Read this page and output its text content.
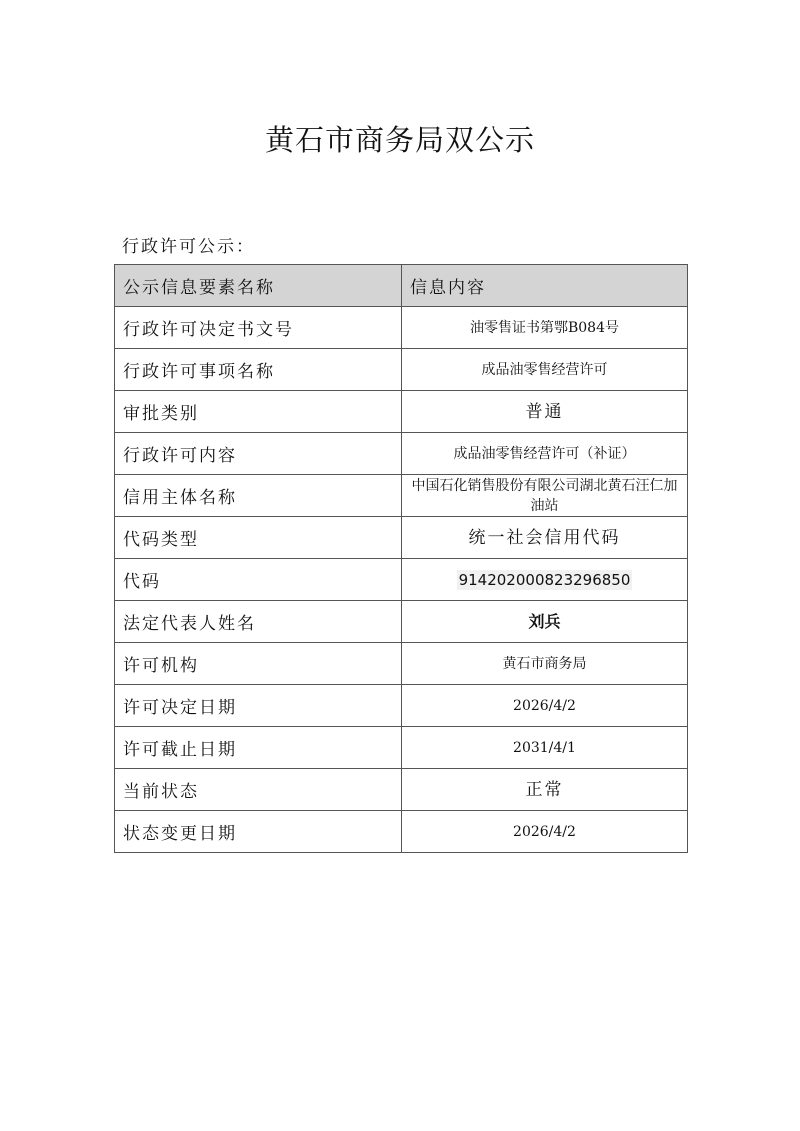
黄石市商务局双公示
行政许可公示：
公示信息要素名称	信息内容
行政许可决定书文号	油零售证书第鄂B084号
行政许可事项名称	成品油零售经营许可
审批类别	普通
行政许可内容	成品油零售经营许可（补证）
信用主体名称	中国石化销售股份有限公司湖北黄石汪仁加油站
代码类型	统一社会信用代码
代码	914202000823296850
法定代表人姓名	刘兵
许可机构	黄石市商务局
许可决定日期	2026/4/2
许可截止日期	2031/4/1
当前状态	正常
状态变更日期	2026/4/2
